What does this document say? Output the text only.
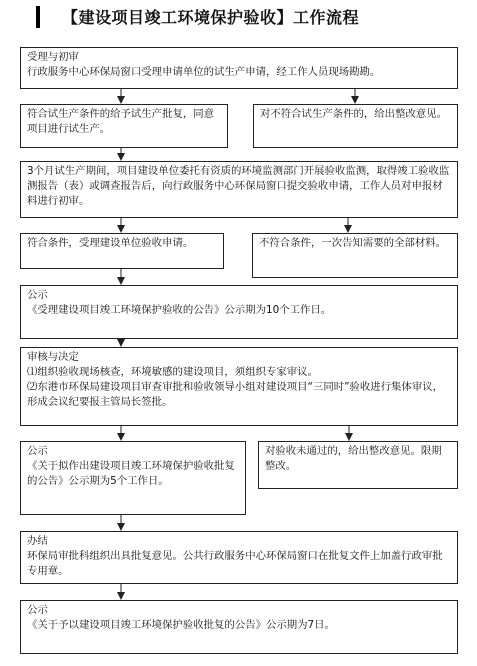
【建设项目竣工环境保护验收】工作流程
受理与初审
行政服务中心环保局窗口受理申请单位的试生产申请，经工作人员现场勘勘。
符合试生产条件的给予试生产批复，同意项目进行试生产。
对不符合试生产条件的，给出整改意见。
3个月试生产期间，项目建设单位委托有资质的环境监测部门开展验收监测，取得竣工验收监测报告（表）或调查报告后，向行政服务中心环保局窗口提交验收申请，工作人员对申报材料进行初审。
符合条件，受理建设单位验收申请。	不符合条件，一次告知需要的全部材料。
公示
《受理建设项目竣工环境保护验收的公告》公示期为10个工作日。
审核与决定
⑴组织验收现场核查，环境敏感的建设项目，须组织专家审议。
⑵东港市环保局建设项目审查审批和验收领导小组对建设项目“三同时”验收进行集体审议，形成会议纪要报主管局长签批。
公示
《关于拟作出建设项目竣工环境保护验收批复的公告》公示期为5个工作日。
对验收未通过的，给出整改意见。限期整改。
办结
环保局审批科组织出具批复意见。公共行政服务中心环保局窗口在批复文件上加盖行政审批专用章。
公示
《关于予以建设项目竣工环境保护验收批复的公告》公示期为7日。
